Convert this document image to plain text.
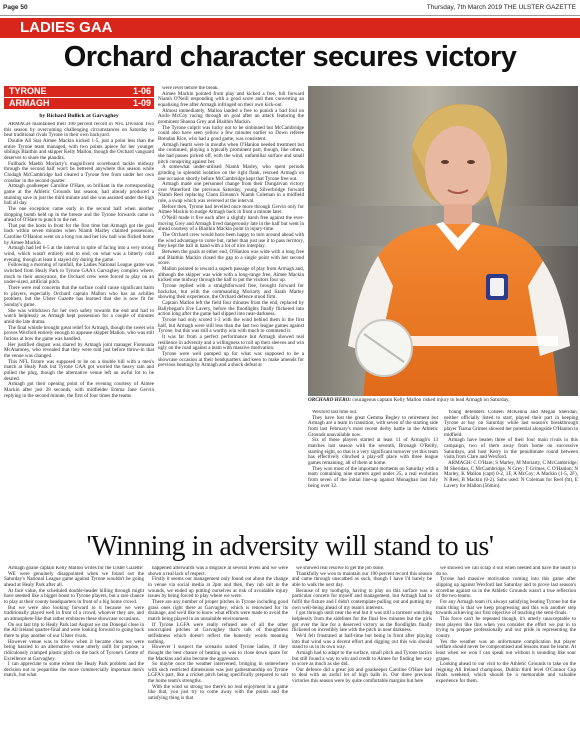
Page 50	Thursday, 7th March 2019 THE ULSTER GAZETTE
LADIES GAA
Orchard character secures victory
TYRONE	1-06
ARMAGH	1-09
by Richard Bullick at Garvaghey

ARMAGH maintained their 100 percent record in NFL Division Two this season by overcoming challenging circumstances on Saturday to beat traditional rivals Tyrone in their own backyard.

Double All Star Aimee Mackin kicked 1-5, just a point less than the entire Tyrone team managed, with two points apiece for her younger siblings Blaithin and skipper Kelly Mallon, though the Orchard vanguard deserves to share the plaudits.

Fullback Maebh Moriarty's magnificent scoreboard tackle midway through the second half won't be bettered anywhere this season while Clodagh McCambridge had cleared a Tyrone free from under her own crossbar in the second quarter.

Armagh goalkeeper Caroline O'Hare, so brilliant in the corresponding game at the Athletic Grounds last season, had already produced a stunning save in just the third minute and she was assisted under the high ball all day.

The one exception came early in the second half when another dropping bomb held up in the breeze and the Tyrone forwards came in ahead of O'Hare to punch to the net.

That put the hosts in front for the first time but Armagh got the goal back within seven minutes when Niamh Marley claimed possession, Caroline O'Hanlon went on a long run and her low ball was flicked home by Aimee Mackin.

Armagh had led 6-5 at the interval in spite of facing into a very strong wind, which wasn't entirely end to end, on what was a bitterly cold evening, though at least it stayed dry during the game.

Following a morning of rainfall, the Ladies National League game was switched from Healy Park to Tyrone GAA's Garvaghey complex where, much to their annoyance, the Orchard crew were forced to play on an under-sized, artificial pitch.

There were real concerns that the surface could cause significant harm to players, especially Orchard captain Mallon who has an achilles problem, but the Ulster Gazette has learned that she is now fit for Sunday's game.

She was withdrawn for her own safety towards the end and had to watch helplessly as Armagh kept possession for a couple of minutes amid the late drama.

The final whistle brought great relief for Armagh, though the sweet win proves Wexford entirely enough to appease skipper Mallon, who was still furious at how the game was handled.

Her justified disgust was shared by Armagh joint manager Fionnuala McAtamney, who revealed that they were told just before throw-in that the venue was changed.

This NFL fixture was supposed to be on a double bill with a men's match at Healy Park but Tyrone GAA got worried the heavy rain and pulled the plug, though the alternative venue left an awful lot to be desired.

Armagh got their opening point of the evening courtesy of Aimee Mackin after just 28 seconds, with midfielder Emma Jane Gervin replying in the second minute, the first of four times the teams

were level before the break.

Aimee Mackin pointed from play and kicked a free, full forward Niamh O'Neill responding with a good score and then converting an equalising free after Armagh infringed on their own kick-out.

Almost immediately, Mallon landed a free to punish a bad foul on Aoife McCoy racing through on goal after an attack featuring the prominent Shauna Grey and Blaithin Mackin.

The Tyrone culprit was lucky not to be sinbinned but McCambridge could also have seen yellow a few minutes earlier so Down referee Brendan Rice, who had a good game, was consistent.

Armagh hearts were in mouths when O'Hanlon needed treatment but she continued, playing a typically prominent part, though, like others, she had passes picked off, with the wind, unfamiliar surface and small pitch conspiring against her.

A somewhat under-utilised Niamh Marley, who spent periods grinding in splendid isolation on the right flank, rescued Armagh on one occasion shortly before McCambridge kept that Tyrone free out.

Armagh made one personnel change from their Dungarvan victory over Waterford the previous Saturday, young Silverbridge forward Niamh Reel replacing Clann Eireann's Niamh Coleman in a midfield role, a swap which was reversed at the interval.

Before then, Tyrone had levelled once more through Gervin only for Aimee Mackin to nudge Armagh back in front a minute later.

O'Neill made it five each after a slightly harsh free against the ever-moving Grey and Armagh lived dangerously late in the half but went in ahead courtesy of a Blaithin Mackin point in injury-time.

The Orchard crew would have been happy to turn around ahead with the wind advantage to come but, rather than just use it to pass territory, they kept the ball in hand with a lot of nice interplay.

Between the goals at either end, O'Hanlon was wide with a long free and Blaithin Mackin closed the gap to a single point with her second score.

Mallon pointed to reward a superb passage of play from Armagh and, although the skipper was wide with a long-range free, Aimee Mackin kicked one midway through the half to put the visitors four up.

Tyrone replied with a straightforward free, brought forward for backchat, but with the commanding Moriarty and Sarah Marley showing their experience, the Orchard defence stood firm.

Captain Mallon left the field four minutes from the end, replaced by Ballyhegan's Eve Lavery, before the floodlights finally flickered into action long after the game had slipped into near-darkness.

Tyrone had only scored 1-3 with the wind behind them in the first half, but Armagh were still less than the last two league games against Tyrone, but this was still a worthy win with much to commend it.

It was far from a perfect performance but Armagh showed real resilience in adversity and a willingness to roll up their sleeves and win ugly on the road against a team with massive motivation.

Tyrone were well pumped up for what was supposed to be a showcase occasion at their headquarters and keen to make amends for previous beatings by Armagh and a shock defeat at

ORCHARD HERO: courageous captain Kelly Mallon risked injury to lead Armagh on Saturday.

Wexford last time out.

They have lost the great Gemma Begley to retirement but Armagh are a team in transition, with seven of the starting side from last February's most recent derby battle in the Athletic Grounds unavailable now.

Six of those players started at least 11 of Armagh's 13 matches last season with the seventh, Bronagh O'Reilly, starting eight, so that is a very significant turnover yet this team has effectively clinched a play-off place with three league games remaining, all of them at home.

They won most of the important moments on Saturday with a team containing nine starters aged under 25, a real evolution from seven of the initial line-up against Monaghan last July being over 32.

Young defenders Colleen McKenna and Megan Sheridan, neither officially listed to start, played their part in keeping Tyrone at bay on Saturday while last season's breakthrough player Tiarna Grimes showed her potential alongside O'Hanlon in midfield.

Armagh have beaten three of their four main rivals in this campaign, two of them away from home on successive Saturdays, and host Kerry in the penultimate round between visits from Clare and Wexford.

ARMAGH: C O'Hare; S Marley, M Moriarty, C McCambridge; M Sheridan, C McCambridge, N Grey; T Grimes, C O'Hanlon; N Marley, K Mallon (capt) 0-2, 1F, A McCoy; A Mackin (1-5, 2F), N Reel, B Mackin (0-2). Subs used: N Coleman for Reel (ht), E Lavery for Mallon (56min).

'Winning in adversity will stand to us'

Armagh goalie captain Kelly Mallon writes for the Ulster Gazette:

WE were genuinely disappointed when we found out the Saturday's National League game against Tyrone wouldn't be going ahead at Healy Park after all.

At face value, the scheduled double-header billing through might have seemed like a bigger boost to Tyrone players, but a rare chance to play at their county headquarters in front of a big home crowd.

But we were also looking forward to it because we were traditionally played well in front of a crowd, whoever they are, and an atmosphere like that rather embraces these showcase occasions.

On our last trip to Healy Park last August we ran Donegal close in the All Ireland quarter-final and were looking forward to going back there to play another of our Ulster rivals.

However venue was to follow when it became clear we were being hassled to an alternative venue utterly unfit for purpose, a ridiculously cramped plastic pitch on the back of Tyrone's Centre of Excellence at Garvaghey.

I can appreciate to some extent the Healy Park problem and the decision not to jeopardise the more commercially important men's match, but what

happened afterwards was a disgrace at several levels and we were shown a real lack of respect.

Firstly it seems our management only found out about the change in venue via social media at 2pm and then, they rub salt in the wounds, we ended up putting ourselves at risk of avoidable injury issues by being forced to play where we were.

There are any number of proper pitches in Tyrone including good grass ones right there at Garvaghey, which is renowned for its drainage, and we'd like to know what efforts were made to avoid the match being played in an unsuitable environment.

If Tyrone LGFA were really refused use of all the other unoccupied pitches at Garvaghey that's talk of thoughtless selfishness which doesn't reflect the honestly words meaning nothing.

However I suspect the scenario suited Tyrone ladies, if they thought the best chance of beating us was to close down space for the Mackins and also become the aggressors.

So maybe once the weather intervened, bringing in somewhere with such restricted dimensions was just gamesmanship on Tyrone LGFA's part, like a cricket pitch being specifically prepared to suit the home team's strengths.

With the wind so strong too there's no real enjoyment in a game like that, you just try to come away with the points and the satisfying thing is that

we showed real resolve to get the job done.

Thankfully we won to maintain our 100 percent record this season and came through unscathed as such, though I have I'd barely be able to walk the next day.

Because of my toothgrip, having to play on this surface was a particular concern for myself and management, but Armagh had to fulfil the fixture and I didn't contemplate pulling out and putting my own well-being ahead of my team's interests.

I got through until near the end but it was still a torment watching helplessly from the sidelines for the final few minutes but the girls got over the line for a deserved victory as the floodlights finally flickered on incredibly late with the pitch in near darkness.

We'd felt frustrated at half-time but being in front after playing into that wind was a decent effort and digging out this win should stand to us in its own way.

Armagh had to adapt to the surface, small pitch and Tyrone tactics but still found a way to win and credit to Aimee for finding her way to score as much as she did.

Our defence did a great job and goalkeeper Caroline O'Hare had to deal with an awful lot of high balls in. Our three previous victories this season were by quite comfortable margins but here

we showed we can scrap it out when needed and have the heart to do so.

Tyrone had massive motivation coming into this game after slipping up against Wexford last Saturday and to prove last season's scoreline against us in the Athletic Grounds wasn't a true reflection of the two teams.

For any Armagh team it's always satisfying beating Tyrone but the main thing is that we keep progressing and this win another step towards achieving our first objective of reaching the semi-finals.

This force can't be repeated though, it's utterly unacceptable to treat players like this when you consider the effort we put in to trying to prepare professionally and our pride in representing the county.

Yes the weather was an unfortunate complication but player welfare should never be compromised and lessons must be learnt. At least when we won I can speak out without it sounding like sour grapes.

Looking ahead to our visit to the Athletic Grounds to take on the reigning All Ireland champions, Dublin third level O'Connor Cup finals weekend, which should be a memorable and valuable experience for them.
